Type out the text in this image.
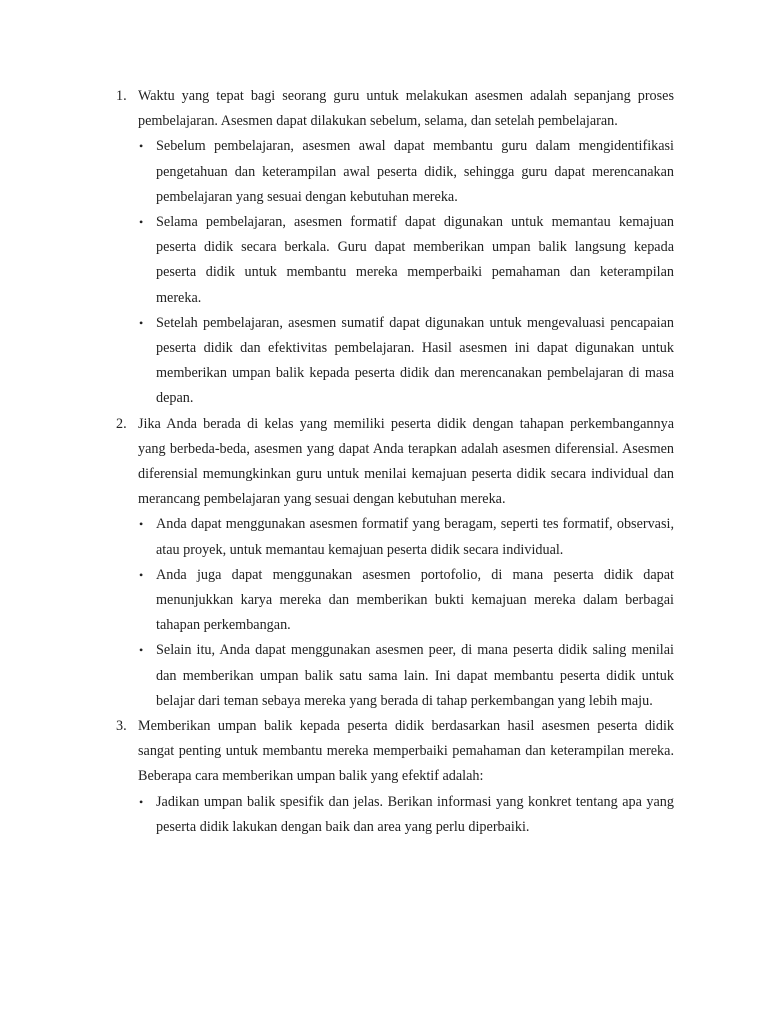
1. Waktu yang tepat bagi seorang guru untuk melakukan asesmen adalah sepanjang proses pembelajaran. Asesmen dapat dilakukan sebelum, selama, dan setelah pembelajaran.
• Sebelum pembelajaran, asesmen awal dapat membantu guru dalam mengidentifikasi pengetahuan dan keterampilan awal peserta didik, sehingga guru dapat merencanakan pembelajaran yang sesuai dengan kebutuhan mereka.
• Selama pembelajaran, asesmen formatif dapat digunakan untuk memantau kemajuan peserta didik secara berkala. Guru dapat memberikan umpan balik langsung kepada peserta didik untuk membantu mereka memperbaiki pemahaman dan keterampilan mereka.
• Setelah pembelajaran, asesmen sumatif dapat digunakan untuk mengevaluasi pencapaian peserta didik dan efektivitas pembelajaran. Hasil asesmen ini dapat digunakan untuk memberikan umpan balik kepada peserta didik dan merencanakan pembelajaran di masa depan.
2. Jika Anda berada di kelas yang memiliki peserta didik dengan tahapan perkembangannya yang berbeda-beda, asesmen yang dapat Anda terapkan adalah asesmen diferensial. Asesmen diferensial memungkinkan guru untuk menilai kemajuan peserta didik secara individual dan merancang pembelajaran yang sesuai dengan kebutuhan mereka.
• Anda dapat menggunakan asesmen formatif yang beragam, seperti tes formatif, observasi, atau proyek, untuk memantau kemajuan peserta didik secara individual.
• Anda juga dapat menggunakan asesmen portofolio, di mana peserta didik dapat menunjukkan karya mereka dan memberikan bukti kemajuan mereka dalam berbagai tahapan perkembangan.
• Selain itu, Anda dapat menggunakan asesmen peer, di mana peserta didik saling menilai dan memberikan umpan balik satu sama lain. Ini dapat membantu peserta didik untuk belajar dari teman sebaya mereka yang berada di tahap perkembangan yang lebih maju.
3. Memberikan umpan balik kepada peserta didik berdasarkan hasil asesmen peserta didik sangat penting untuk membantu mereka memperbaiki pemahaman dan keterampilan mereka. Beberapa cara memberikan umpan balik yang efektif adalah:
• Jadikan umpan balik spesifik dan jelas. Berikan informasi yang konkret tentang apa yang peserta didik lakukan dengan baik dan area yang perlu diperbaiki.
